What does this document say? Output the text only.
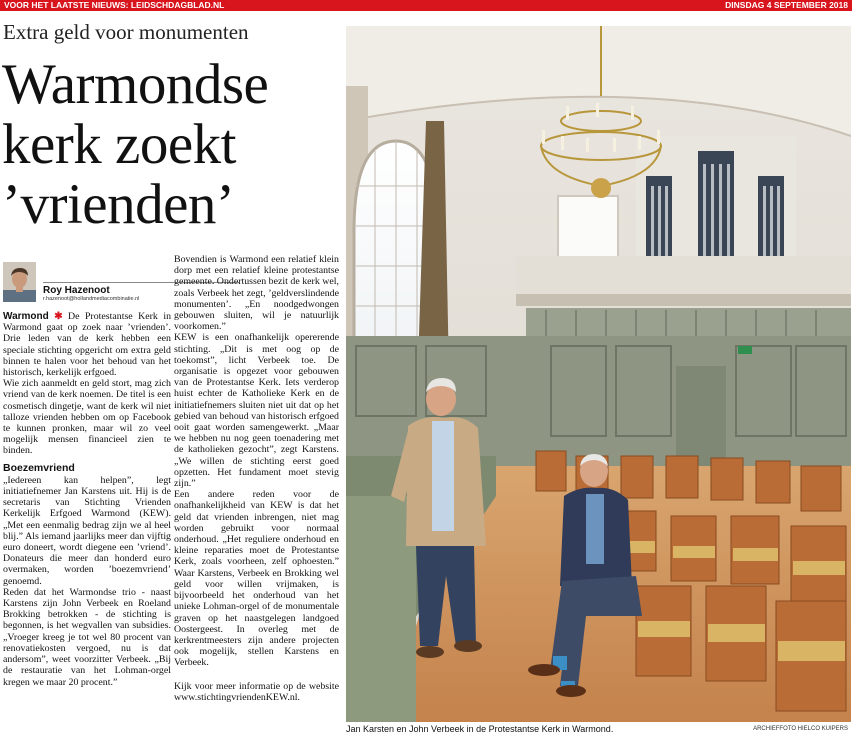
VOOR HET LAATSTE NIEUWS: LEIDSCHDAGBLAD.NL	DINSDAG 4 SEPTEMBER 2018
Extra geld voor monumenten
Warmondse
kerk zoekt
’vrienden’
Roy Hazenoot
r.hazenoot@hollandmediacombinatie.nl

Warmond ✱ De Protestantse Kerk in Warmond gaat op zoek naar ’vrienden’. Drie leden van de kerk hebben een speciale stichting opgericht om extra geld binnen te halen voor het behoud van het historisch, kerkelijk erfgoed.

Wie zich aanmeldt en geld stort, mag zich vriend van de kerk noemen. De titel is een cosmetisch dingetje, want de kerk wil niet talloze vrienden hebben om op Facebook te kunnen pronken, maar wil zo veel mogelijk mensen financieel zien te binden.

Boezemvriend

„Iedereen kan helpen”, legt initiatiefnemer Jan Karstens uit. Hij is de secretaris van Stichting Vrienden Kerkelijk Erfgoed Warmond (KEW). „Met een eenmalig bedrag zijn we al heel blij.” Als iemand jaarlijks meer dan vijftig euro doneert, wordt diegene een ’vriend’. Donateurs die meer dan honderd euro overmaken, worden ’boezemvriend’ genoemd.

Reden dat het Warmondse trio - naast Karstens zijn John Verbeek en Roeland Brokking betrokken - de stichting is begonnen, is het wegvallen van subsidies. „Vroeger kreeg je tot wel 80 procent van renovatiekosten vergoed, nu is dat andersom”, weet voorzitter Verbeek. „Bij de restauratie van het Lohman-orgel kregen we maar 20 procent.”

Bovendien is Warmond een relatief klein dorp met een relatief kleine protestantse gemeente. Ondertussen bezit de kerk wel, zoals Verbeek het zegt, ’geldverslindende monumenten’. „En noodgedwongen gebouwen sluiten, wil je natuurlijk voorkomen.”

KEW is een onafhankelijk opererende stichting. „Dit is met oog op de toekomst”, licht Verbeek toe. De organisatie is opgezet voor gebouwen van de Protestantse Kerk. Iets verderop huist echter de Katholieke Kerk en de initiatiefnemers sluiten niet uit dat op het gebied van behoud van historisch erfgoed ooit gaat worden samengewerkt. „Maar we hebben nu nog geen toenadering met de katholieken gezocht”, zegt Karstens. „We willen de stichting eerst goed opzetten. Het fundament moet stevig zijn.”

Een andere reden voor de onafhankelijkheid van KEW is dat het geld dat vrienden inbrengen, niet mag worden gebruikt voor normaal onderhoud. „Het reguliere onderhoud en kleine reparaties moet de Protestantse Kerk, zoals voorheen, zelf ophoesten.” Waar Karstens, Verbeek en Brokking wel geld voor willen vrijmaken, is bijvoorbeeld het onderhoud van het unieke Lohman-orgel of de monumentale graven op het naastgelegen landgoed Oostergeest. In overleg met de kerkrentmeesters zijn andere projecten ook mogelijk, stellen Karstens en Verbeek.

Kijk voor meer informatie op de website www.stichtingvriendenKEW.nl.

Jan Karsten en John Verbeek in de Protestantse Kerk in Warmond.	ARCHIEFFOTO HIELCO KUIPERS
